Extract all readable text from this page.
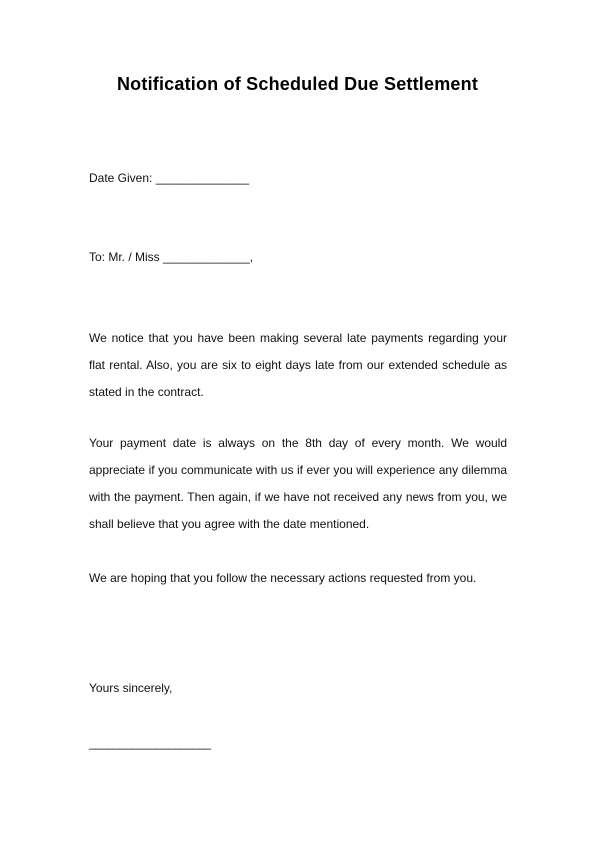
Notification of Scheduled Due Settlement
Date Given: ______________
To: Mr. / Miss _____________,
We notice that you have been making several late payments regarding your flat rental. Also, you are six to eight days late from our extended schedule as stated in the contract.
Your payment date is always on the 8th day of every month. We would appreciate if you communicate with us if ever you will experience any dilemma with the payment. Then again, if we have not received any news from you, we shall believe that you agree with the date mentioned.
We are hoping that you follow the necessary actions requested from you.
Yours sincerely,
____________________
